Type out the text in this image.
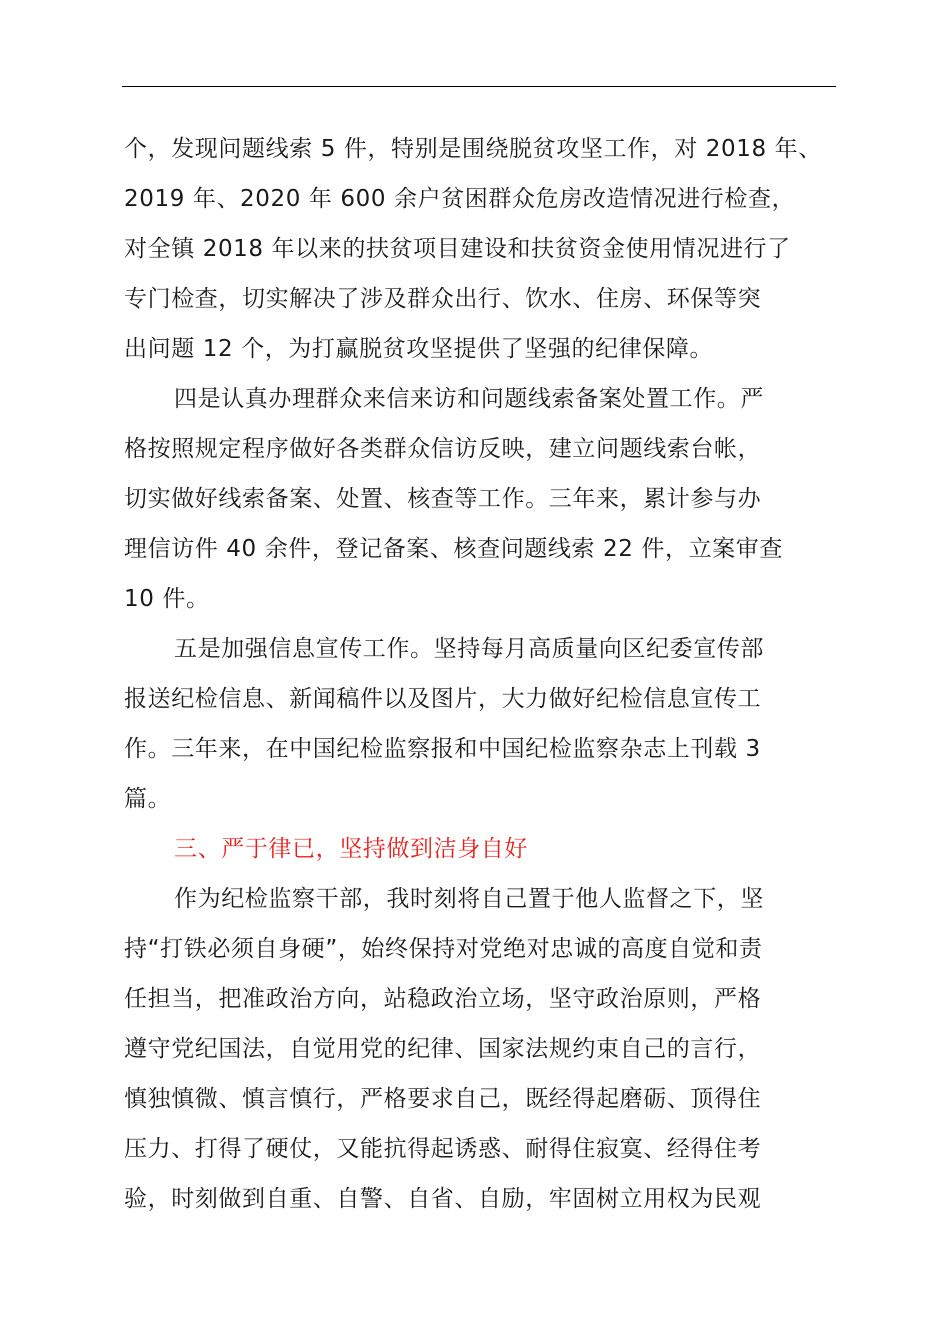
个，发现问题线索 5 件，特别是围绕脱贫攻坚工作，对 2018 年、
2019 年、2020 年 600 余户贫困群众危房改造情况进行检查，
对全镇 2018 年以来的扶贫项目建设和扶贫资金使用情况进行了
专门检查，切实解决了涉及群众出行、饮水、住房、环保等突
出问题 12 个，为打赢脱贫攻坚提供了坚强的纪律保障。
四是认真办理群众来信来访和问题线索备案处置工作。严
格按照规定程序做好各类群众信访反映，建立问题线索台帐，
切实做好线索备案、处置、核查等工作。三年来，累计参与办
理信访件 40 余件，登记备案、核查问题线索 22 件，立案审查
10 件。
五是加强信息宣传工作。坚持每月高质量向区纪委宣传部
报送纪检信息、新闻稿件以及图片，大力做好纪检信息宣传工
作。三年来，在中国纪检监察报和中国纪检监察杂志上刊载 3
篇。
三、严于律已，坚持做到洁身自好
作为纪检监察干部，我时刻将自己置于他人监督之下，坚
持“打铁必须自身硬”，始终保持对党绝对忠诚的高度自觉和责
任担当，把准政治方向，站稳政治立场，坚守政治原则，严格
遵守党纪国法，自觉用党的纪律、国家法规约束自己的言行，
慎独慎微、慎言慎行，严格要求自己，既经得起磨砺、顶得住
压力、打得了硬仗，又能抗得起诱惑、耐得住寂寞、经得住考
验，时刻做到自重、自警、自省、自励，牢固树立用权为民观
